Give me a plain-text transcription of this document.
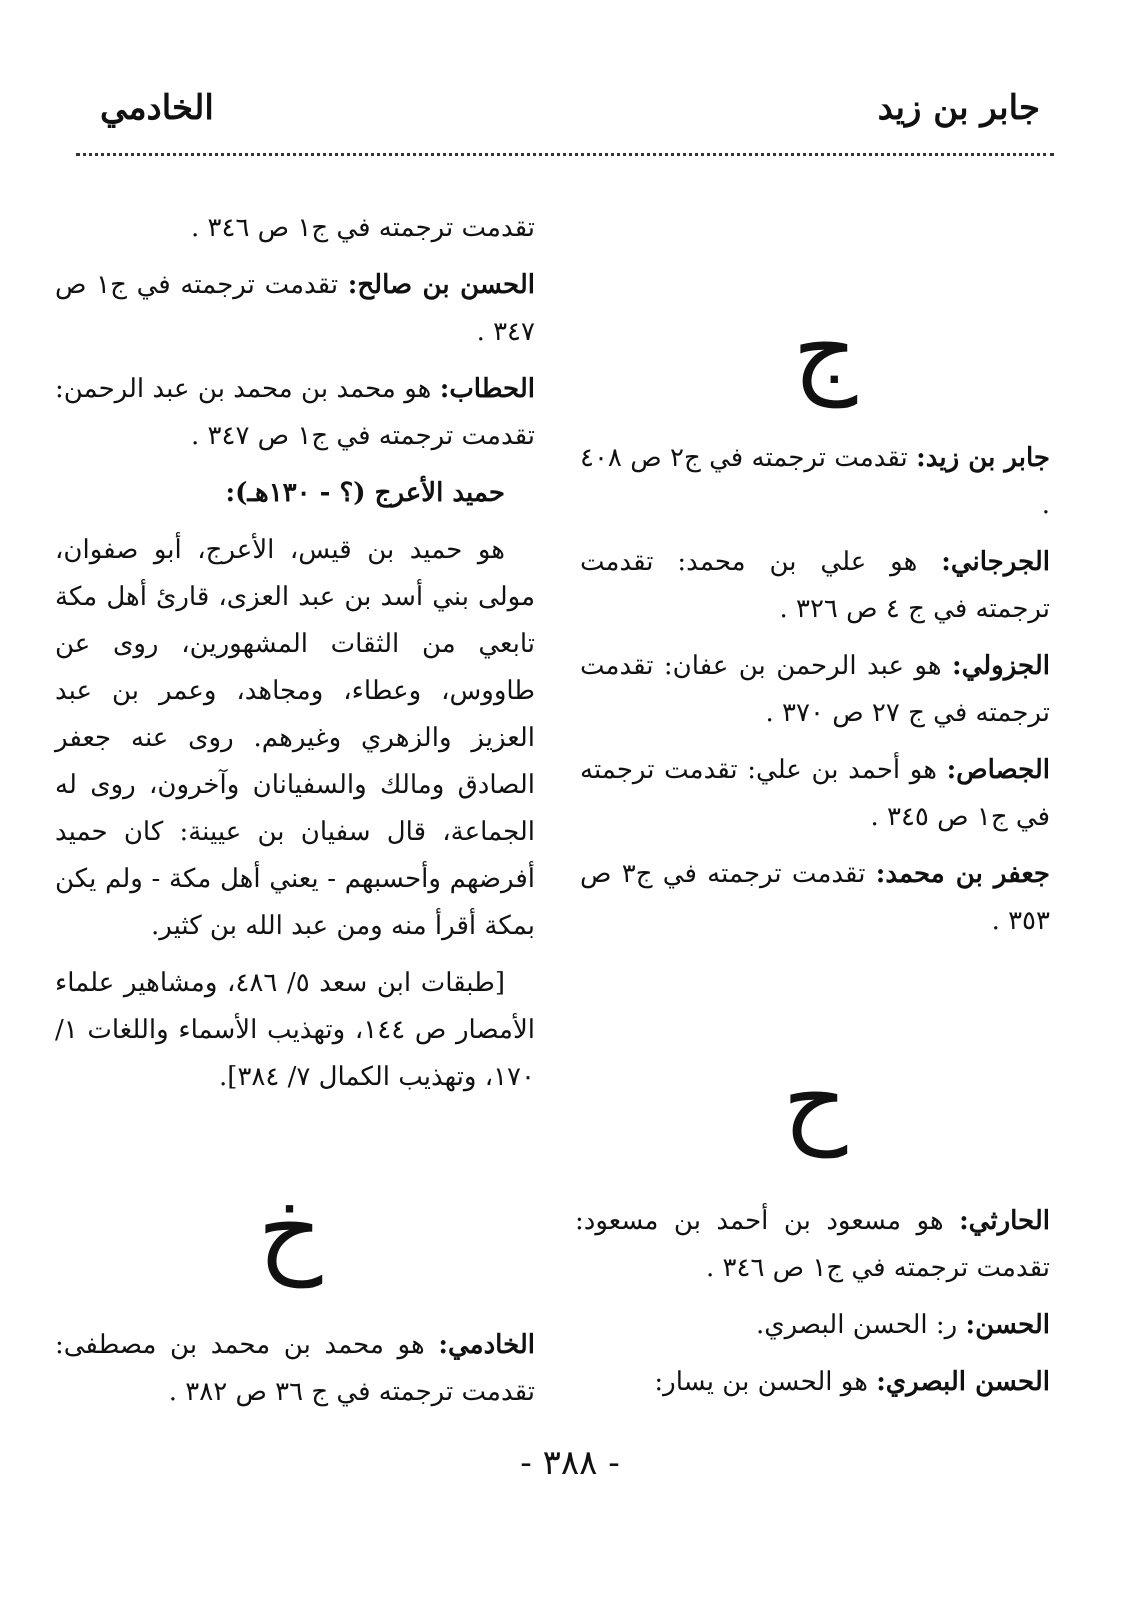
جابر بن زيد
الخادمي

تقدمت ترجمته في ج١ ص ٣٤٦ .

الحسن بن صالح: تقدمت ترجمته في ج١ ص ٣٤٧ .

الحطاب: هو محمد بن محمد بن عبد الرحمن: تقدمت ترجمته في ج١ ص ٣٤٧ .

حميد الأعرج (؟ - ١٣٠هـ):

هو حميد بن قيس، الأعرج، أبو صفوان، مولى بني أسد بن عبد العزى، قارئ أهل مكة تابعي من الثقات المشهورين، روى عن طاووس، وعطاء، ومجاهد، وعمر بن عبد العزيز والزهري وغيرهم. روى عنه جعفر الصادق ومالك والسفيانان وآخرون، روى له الجماعة، قال سفيان بن عيينة: كان حميد أفرضهم وأحسبهم - يعني أهل مكة - ولم يكن بمكة أقرأ منه ومن عبد الله بن كثير.

[طبقات ابن سعد ٥/ ٤٨٦، ومشاهير علماء الأمصار ص ١٤٤، وتهذيب الأسماء واللغات ١/ ١٧٠، وتهذيب الكمال ٧/ ٣٨٤].

ج

جابر بن زيد: تقدمت ترجمته في ج٢ ص ٤٠٨ .

الجرجاني: هو علي بن محمد: تقدمت ترجمته في ج ٤ ص ٣٢٦ .

الجزولي: هو عبد الرحمن بن عفان: تقدمت ترجمته في ج ٢٧ ص ٣٧٠ .

الجصاص: هو أحمد بن علي: تقدمت ترجمته في ج١ ص ٣٤٥ .

جعفر بن محمد: تقدمت ترجمته في ج٣ ص ٣٥٣ .

ح

الحارثي: هو مسعود بن أحمد بن مسعود: تقدمت ترجمته في ج١ ص ٣٤٦ .

الحسن: ر: الحسن البصري.

الحسن البصري: هو الحسن بن يسار:

خ

الخادمي: هو محمد بن محمد بن مصطفى: تقدمت ترجمته في ج ٣٦ ص ٣٨٢ .

- ٣٨٨ -
